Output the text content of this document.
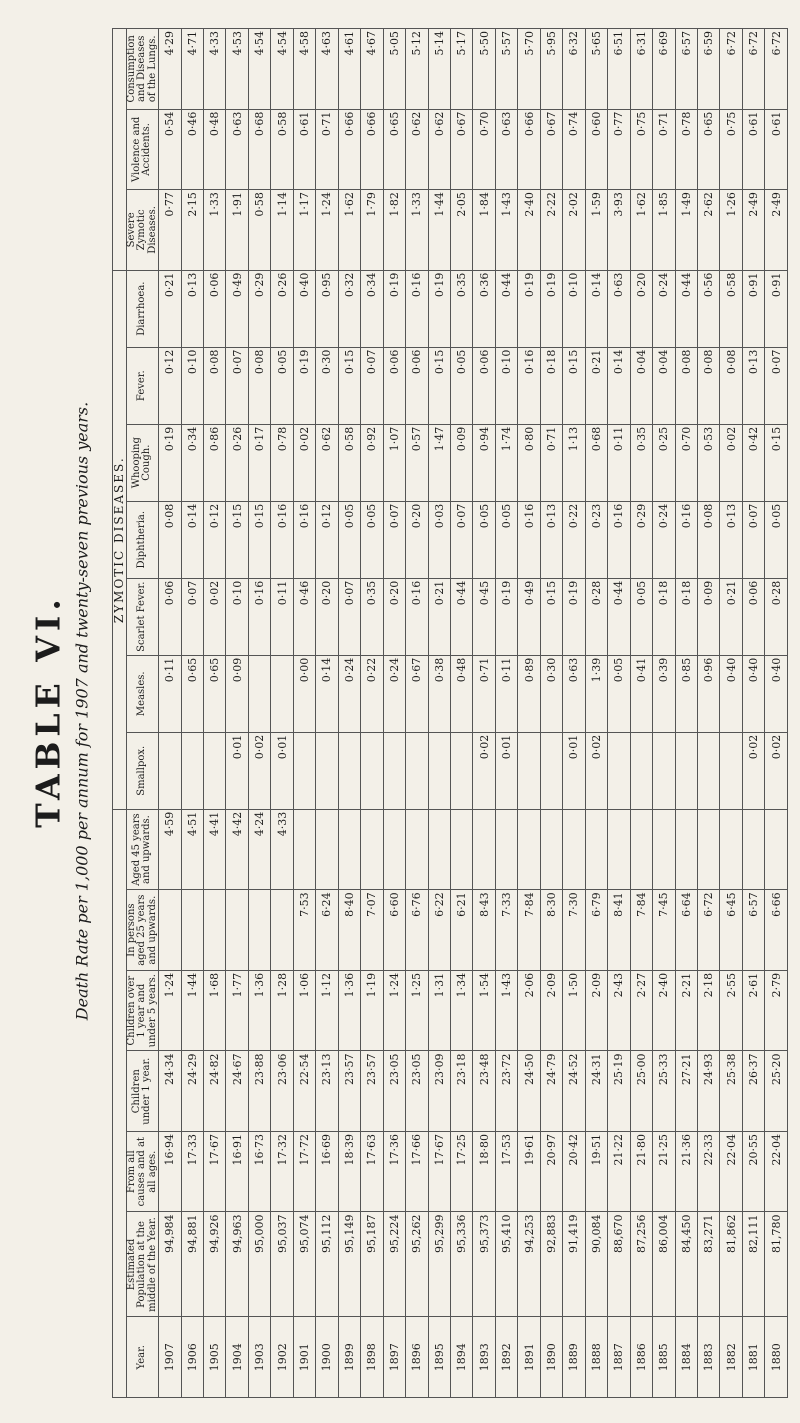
TABLE VI. Death Rate per 1,000 per annum for 1907 and twenty-seven previous years.
							ZYMOTIC DISEASES.									
Year.	Estimated Population at the middle of the Year.	From all causes and at all ages.	Children under 1 year.	Children over 1 year and under 5 years.	In persons aged 25 years and upwards.	Aged 45 years and upwards.	Smallpox.	Measles.	Scarlet Fever.	Diphtheria.	Whooping Cough.	Fever.	Diarrhoea.	Severe Zymotic Diseases.	Violence and Accidents.	Consumption and Diseases of the Lungs.
1907	94,984	16·94	24·34	1·24		4·59		0·11	0·06	0·08	0·19	0·12	0·21	0·77	0·54	4·29
1906	94,881	17·33	24·29	1·44		4·51		0·65	0·07	0·14	0·34	0·10	0·13	2·15	0·46	4·71
1905	94,926	17·67	24·82	1·68		4·41		0·65	0·02	0·12	0·86	0·08	0·06	1·33	0·48	4·33
1904	94,963	16·91	24·67	1·77		4·42	0·01	0·09	0·10	0·15	0·26	0·07	0·49	1·91	0·63	4·53
1903	95,000	16·73	23·88	1·36		4·24	0·02		0·16	0·15	0·17	0·08	0·29	0·58	0·68	4·54
1902	95,037	17·32	23·06	1·28		4·33	0·01		0·11	0·16	0·78	0·05	0·26	1·14	0·58	4·54
1901	95,074	17·72	22·54	1·06	7·53			0·00	0·46	0·16	0·02	0·19	0·40	1·17	0·61	4·58
1900	95,112	16·69	23·13	1·12	6·24			0·14	0·20	0·12	0·62	0·30	0·95	1·24	0·71	4·63
1899	95,149	18·39	23·57	1·36	8·40			0·24	0·07	0·05	0·58	0·15	0·32	1·62	0·66	4·61
1898	95,187	17·63	23·57	1·19	7·07			0·22	0·35	0·05	0·92	0·07	0·34	1·79	0·66	4·67
1897	95,224	17·36	23·05	1·24	6·60			0·24	0·20	0·07	1·07	0·06	0·19	1·82	0·65	5·05
1896	95,262	17·66	23·05	1·25	6·76			0·67	0·16	0·20	0·57	0·06	0·16	1·33	0·62	5·12
1895	95,299	17·67	23·09	1·31	6·22			0·38	0·21	0·03	1·47	0·15	0·19	1·44	0·62	5·14
1894	95,336	17·25	23·18	1·34	6·21			0·48	0·44	0·07	0·09	0·05	0·35	2·05	0·67	5·17
1893	95,373	18·80	23·48	1·54	8·43		0·02	0·71	0·45	0·05	0·94	0·06	0·36	1·84	0·70	5·50
1892	95,410	17·53	23·72	1·43	7·33		0·01	0·11	0·19	0·05	1·74	0·10	0·44	1·43	0·63	5·57
1891	94,253	19·61	24·50	2·06	7·84			0·89	0·49	0·16	0·80	0·16	0·19	2·40	0·66	5·70
1890	92,883	20·97	24·79	2·09	8·30			0·30	0·15	0·13	0·71	0·18	0·19	2·22	0·67	5·95
1889	91,419	20·42	24·52	1·50	7·30		0·01	0·63	0·19	0·22	1·13	0·15	0·10	2·02	0·74	6·32
1888	90,084	19·51	24·31	2·09	6·79		0·02	1·39	0·28	0·23	0·68	0·21	0·14	1·59	0·60	5·65
1887	88,670	21·22	25·19	2·43	8·41			0·05	0·44	0·16	0·11	0·14	0·63	3·93	0·77	6·51
1886	87,256	21·80	25·00	2·27	7·84			0·41	0·05	0·29	0·35	0·04	0·20	1·62	0·75	6·31
1885	86,004	21·25	25·33	2·40	7·45			0·39	0·18	0·24	0·25	0·04	0·24	1·85	0·71	6·69
1884	84,450	21·36	27·21	2·21	6·64			0·85	0·18	0·16	0·70	0·08	0·44	1·49	0·78	6·57
1883	83,271	22·33	24·93	2·18	6·72			0·96	0·09	0·08	0·53	0·08	0·56	2·62	0·65	6·59
1882	81,862	22·04	25·38	2·55	6·45			0·40	0·21	0·13	0·02	0·08	0·58	1·26	0·75	6·72
1881	82,111	20·55	26·37	2·61	6·57		0·02	0·40	0·06	0·07	0·42	0·13	0·91	2·49	0·61	6·72
1880	81,780	22·04	25·20	2·79	6·66		0·02	0·40	0·28	0·05	0·15	0·07	0·91	2·49	0·61	6·72
